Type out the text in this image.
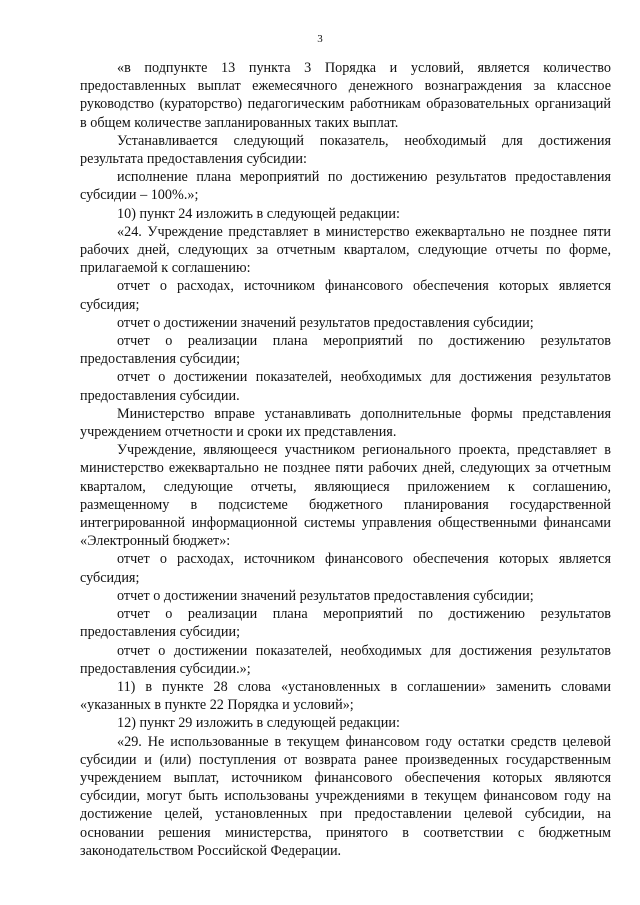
3

«в подпункте 13 пункта 3 Порядка и условий, является количество предоставленных выплат ежемесячного денежного вознаграждения за классное руководство (кураторство) педагогическим работникам образовательных организаций в общем количестве запланированных таких выплат.

Устанавливается следующий показатель, необходимый для достижения результата предоставления субсидии:

исполнение плана мероприятий по достижению результатов предоставления субсидии – 100%.»;

10) пункт 24 изложить в следующей редакции:

«24. Учреждение представляет в министерство ежеквартально не позднее пяти рабочих дней, следующих за отчетным кварталом, следующие отчеты по форме, прилагаемой к соглашению:

отчет о расходах, источником финансового обеспечения которых является субсидия;

отчет о достижении значений результатов предоставления субсидии;

отчет о реализации плана мероприятий по достижению результатов предоставления субсидии;

отчет о достижении показателей, необходимых для достижения результатов предоставления субсидии.

Министерство вправе устанавливать дополнительные формы представления учреждением отчетности и сроки их представления.

Учреждение, являющееся участником регионального проекта, представляет в министерство ежеквартально не позднее пяти рабочих дней, следующих за отчетным кварталом, следующие отчеты, являющиеся приложением к соглашению, размещенному в подсистеме бюджетного планирования государственной интегрированной информационной системы управления общественными финансами «Электронный бюджет»:

отчет о расходах, источником финансового обеспечения которых является субсидия;

отчет о достижении значений результатов предоставления субсидии;

отчет о реализации плана мероприятий по достижению результатов предоставления субсидии;

отчет о достижении показателей, необходимых для достижения результатов предоставления субсидии.»;

11) в пункте 28 слова «установленных в соглашении» заменить словами «указанных в пункте 22 Порядка и условий»;

12) пункт 29 изложить в следующей редакции:

«29. Не использованные в текущем финансовом году остатки средств целевой субсидии и (или) поступления от возврата ранее произведенных государственным учреждением выплат, источником финансового обеспечения которых являются субсидии, могут быть использованы учреждениями в текущем финансовом году на достижение целей, установленных при предоставлении целевой субсидии, на основании решения министерства, принятого в соответствии с бюджетным законодательством Российской Федерации.
